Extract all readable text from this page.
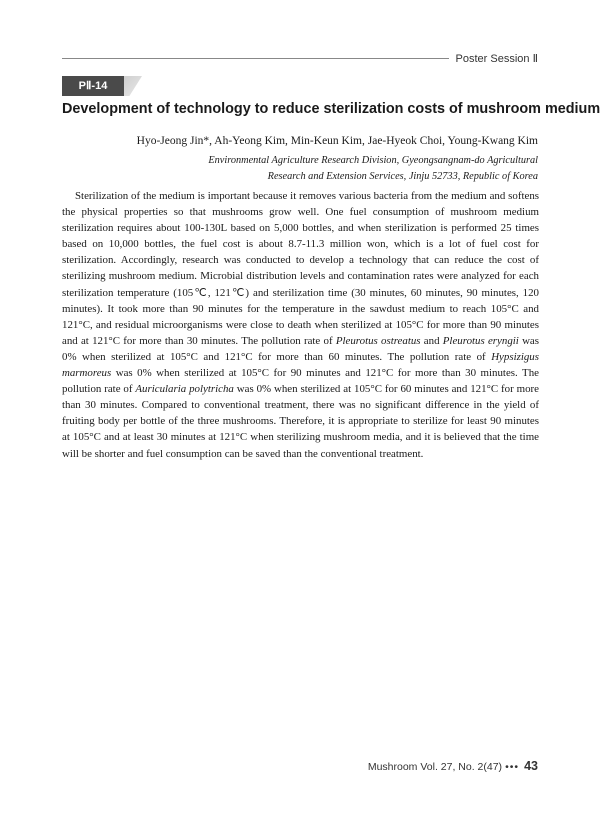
Poster Session Ⅱ
PⅡ-14
Development of technology to reduce sterilization costs of mushroom medium
Hyo-Jeong Jin*, Ah-Yeong Kim, Min-Keun Kim, Jae-Hyeok Choi, Young-Kwang Kim
Environmental Agriculture Research Division, Gyeongsangnam-do Agricultural
Research and Extension Services, Jinju 52733, Republic of Korea
Sterilization of the medium is important because it removes various bacteria from the medium and softens the physical properties so that mushrooms grow well. One fuel consumption of mushroom medium sterilization requires about 100-130L based on 5,000 bottles, and when sterilization is performed 25 times based on 10,000 bottles, the fuel cost is about 8.7-11.3 million won, which is a lot of fuel cost for sterilization. Accordingly, research was conducted to develop a technology that can reduce the cost of sterilizing mushroom medium. Microbial distribution levels and contamination rates were analyzed for each sterilization temperature (105℃, 121℃) and sterilization time (30 minutes, 60 minutes, 90 minutes, 120 minutes). It took more than 90 minutes for the temperature in the sawdust medium to reach 105°C and 121°C, and residual microorganisms were close to death when sterilized at 105°C for more than 90 minutes and at 121°C for more than 30 minutes. The pollution rate of Pleurotus ostreatus and Pleurotus eryngii was 0% when sterilized at 105°C and 121°C for more than 60 minutes. The pollution rate of Hypsizigus marmoreus was 0% when sterilized at 105°C for 90 minutes and 121°C for more than 30 minutes. The pollution rate of Auricularia polytricha was 0% when sterilized at 105°C for 60 minutes and 121°C for more than 30 minutes. Compared to conventional treatment, there was no significant difference in the yield of fruiting body per bottle of the three mushrooms. Therefore, it is appropriate to sterilize for least 90 minutes at 105°C and at least 30 minutes at 121°C when sterilizing mushroom media, and it is believed that the time will be shorter and fuel consumption can be saved than the conventional treatment.
Mushroom Vol. 27, No. 2(47) ••• 43
